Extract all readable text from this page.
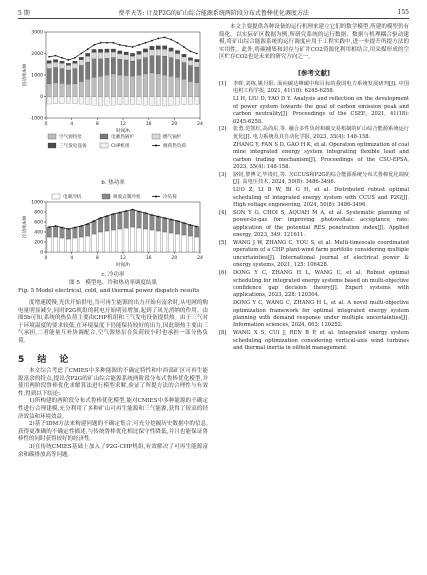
5 期	费孝天等: 计及P2G的矿山综合能源系统两阶段分布式鲁棒优化调度方法	155
-1000
0
1000
2000
3000
热功率/kW
0	4	8	12	16	20	24
时间/h
空气源热泵	电蓄热锅炉	燃气锅炉
三气发电设备	CHP机组	源荷热负荷
b. 热功率
0
200
400
600
800
1000
冷功率/kW
0	4	8	12	16	20	24
时间/h
电制冷机	吸收式制冷机	冷负荷
c. 冷功率
图 5　模型电、冷和热功率调度结果
Fig. 5 Model electrical, cold, and thermal power dispatch results

度增速缓慢,光伏开始供电,当可再生能源的出力开始有富余时,从电网的购电量明显减少,同时P2G机组的耗电开始明显增加,起到了风光消纳的作用。由图5b可知,系统的热负荷主要由CHP机组和三气发电设备提供热。由于三气对于环境温度的要求较低,在环境温度下仍能保持较好的出力,因此制热主要由三气承担,二者能量互补协调配合,空气源热泵在负荷较小时也承担一部分热负荷。

5 结　论

本文综合考虑了CMIES中多种能源的不确定特性和中西部矿区可再生能源富余的特点,提出含P2G的矿山综合能源系统两阶段分布式鲁棒优化模型,并使用两阶段鲁棒优化求解算法进行模型求解,验证了所提方法的合理性与有效性,得到以下结论:

1)所构建的两阶段分布式鲁棒优化模型,能对CMIES中多种能源的不确定性进行合理建模,充分利用了多种矿山可再生能源和三气能源,获得了较高的经济效益和环境效益。

2)基于IDM方法来构建问题的不确定集合,可充分挖掘历史数据中的信息,获得更准确的不确定性描述,与传统鲁棒优化相比保守性降低,并且也能保证鲁棒性的同时获得较好的经济性。

3)在传统CMIES基础上加入了P2G-CHP机组,有效解决了可再生能源富余和碳排放高等问题。

本文主要提供各种设备的运行机理来建立它们的数学模型,所建的模型仍有简化。以实际矿区数据为例,所研究系统的运行数据、数据与机理耦合驱动建模,将矿山综合能源系统的运行调度应用于工程实践中,进一步提升所提方法的实用性。此外,将碳捕集和封存与矿井CO2资源化利用相结合,用采煤形成的空区贮存CO2也是未来的研究方向之一。

[参考文献]
[1]	李晖,刘栋,姚丹阳. 面向碳达峰碳中和目标的我国电力系统发展研判[J]. 中国电机工程学报, 2021, 41(18): 6245-6258.
LI H, LIU D, YAO D Y. Analysis and reflection on the development of power system towards the goal of carbon emission peak and carbon neutrality[J]. Proceedings of the CSEE, 2021, 41(18): 6245-6258.
[2]	张勇,范凯红,高尚东,等. 融合多性负荷和碳交易机制的矿山综合能源系统运行优化[J]. 电力系统及其自动化学报, 2023, 35(4): 148-158.
ZHANG Y, FAN S D, GAO H K, et al. Operation optimization of coal mine integrated energy system integrating flexible load and carbon trading mechanism[J]. Proceedings of the CSU-EPSA, 2023, 35(4): 148-158.
[3]	骆钊,黎博文,毕贵红,等. 含CCUS和P2G的综合能源系统分布式鲁棒优化调度[J]. 高电压技术, 2024, 50(8): 3486-3496.
LUO Z, LI B W, BI G H, et al. Distributed robust optimal scheduling of integrated energy system with CCUS and P2G[J]. High voltage engineering, 2024, 50(8): 3486-3496.
[4]	SON Y G, CHOI S, AQUAH M A, et al. Systematic planning of power-to-gas for improving photovoltaic acceptance rate: application of the potential RES penetration index[J]. Applied energy, 2023, 349: 121611.
[5]	WANG J W, ZHANG C, YOU S, et al. Multi-timescale coordinated operation of a CHP plant-wind farm portfolio considering multiple uncertainties[J]. International journal of electrical power & energy systems, 2021, 125: 106428.
[6]	DONG Y C, ZHANG H L, WANG C, et al. Robust optimal scheduling for integrated energy systems based on multi-objective confidence gap decision theory[J]. Expert systems with applications, 2023, 228: 120304.
DONG Y C, WANG C, ZHANG H L, et al. A novel multi-objective optimization framework for optimal integrated energy system planning with demand response under multiple uncertainties[J]. Information sciences, 2024, 663: 120252.
[8]	WANG X S, CUI J, REN B P, et al. Integrated energy system scheduling optimization considering vertical-axis wind turbines and thermal inertia in oilfield management
